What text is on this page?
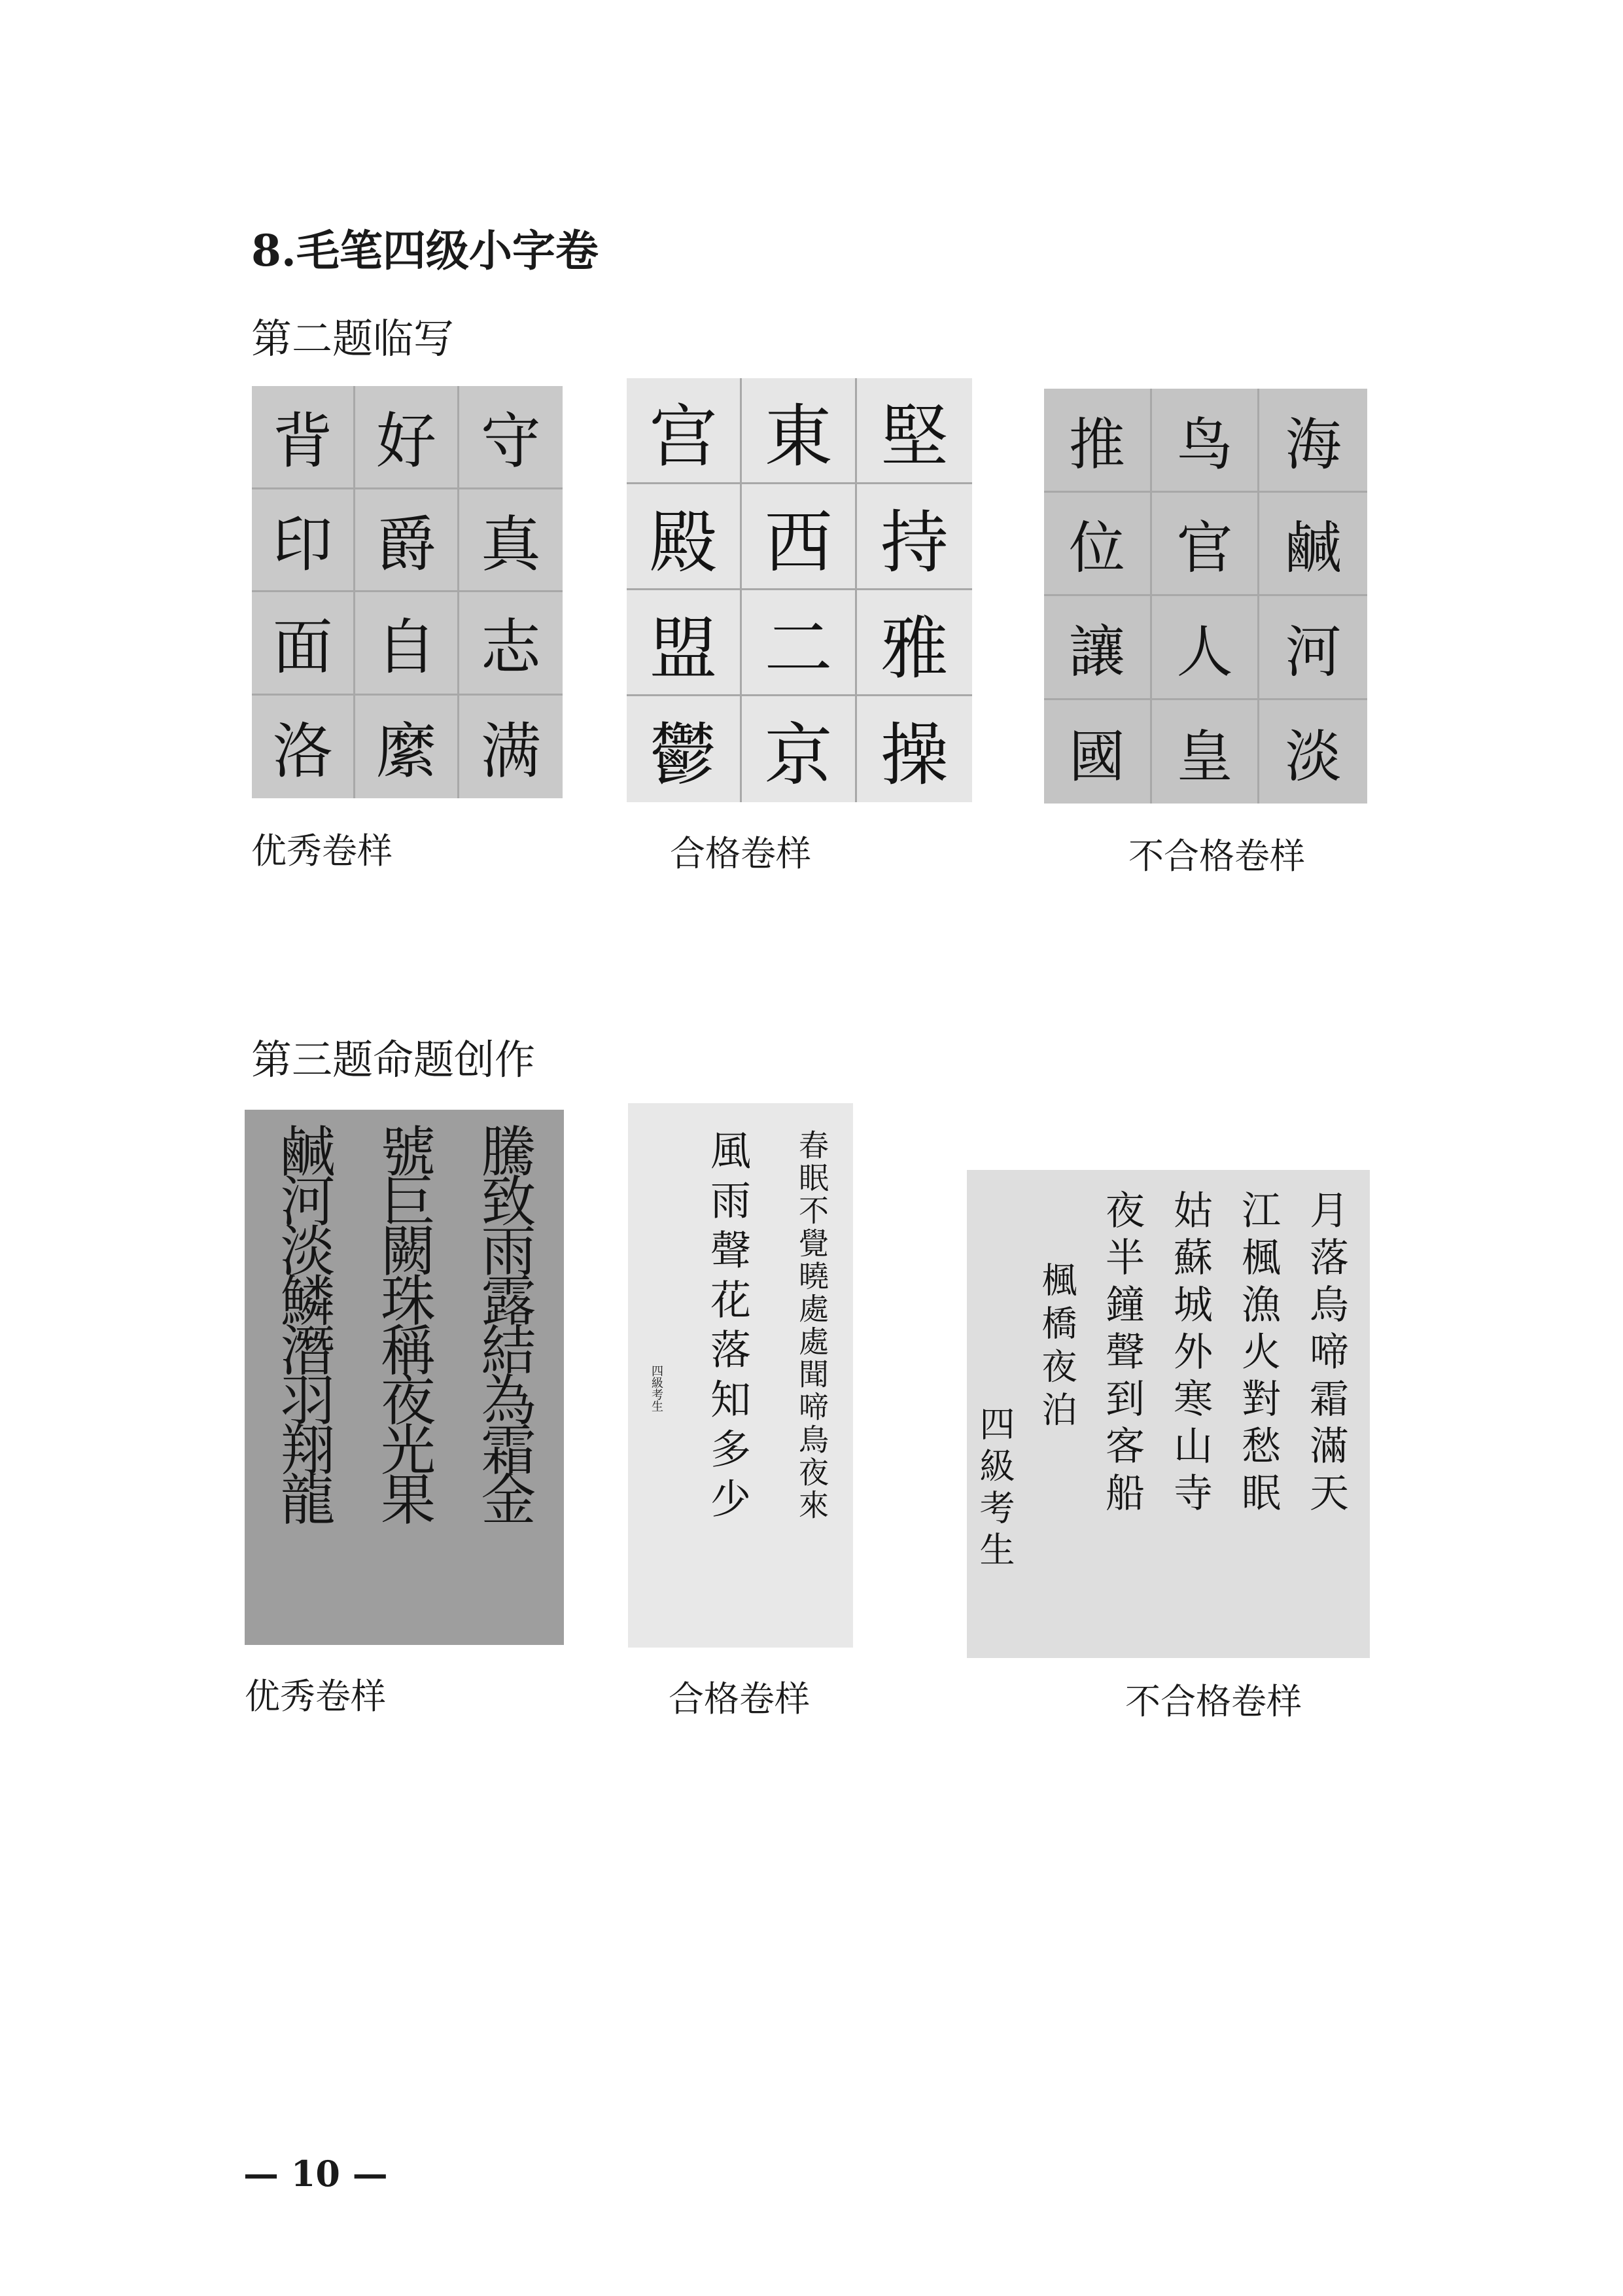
8.毛笔四级小字卷
第二题临写
背 好 守
印 爵 真
面 自 志
洛 縻 满
优秀卷样
宫 東 堅
殿 西 持
盟 二 雅
鬱 京 操
合格卷样
推 鸟 海
位 官 鹹
讓 人 河
國 皇 淡
不合格卷样
第三题命题创作
騰致雨露結為霜金
號巨闕珠稱夜光果
鹹河淡鱗潛羽翔龍
优秀卷样
春眠不覺曉處處聞啼鳥夜來
風雨聲花落知多少
四級考生
合格卷样
月落烏啼霜滿天
江楓漁火對愁眠
姑蘇城外寒山寺
夜半鐘聲到客船
楓橋夜泊
四級考生
不合格卷样
— 10 —
